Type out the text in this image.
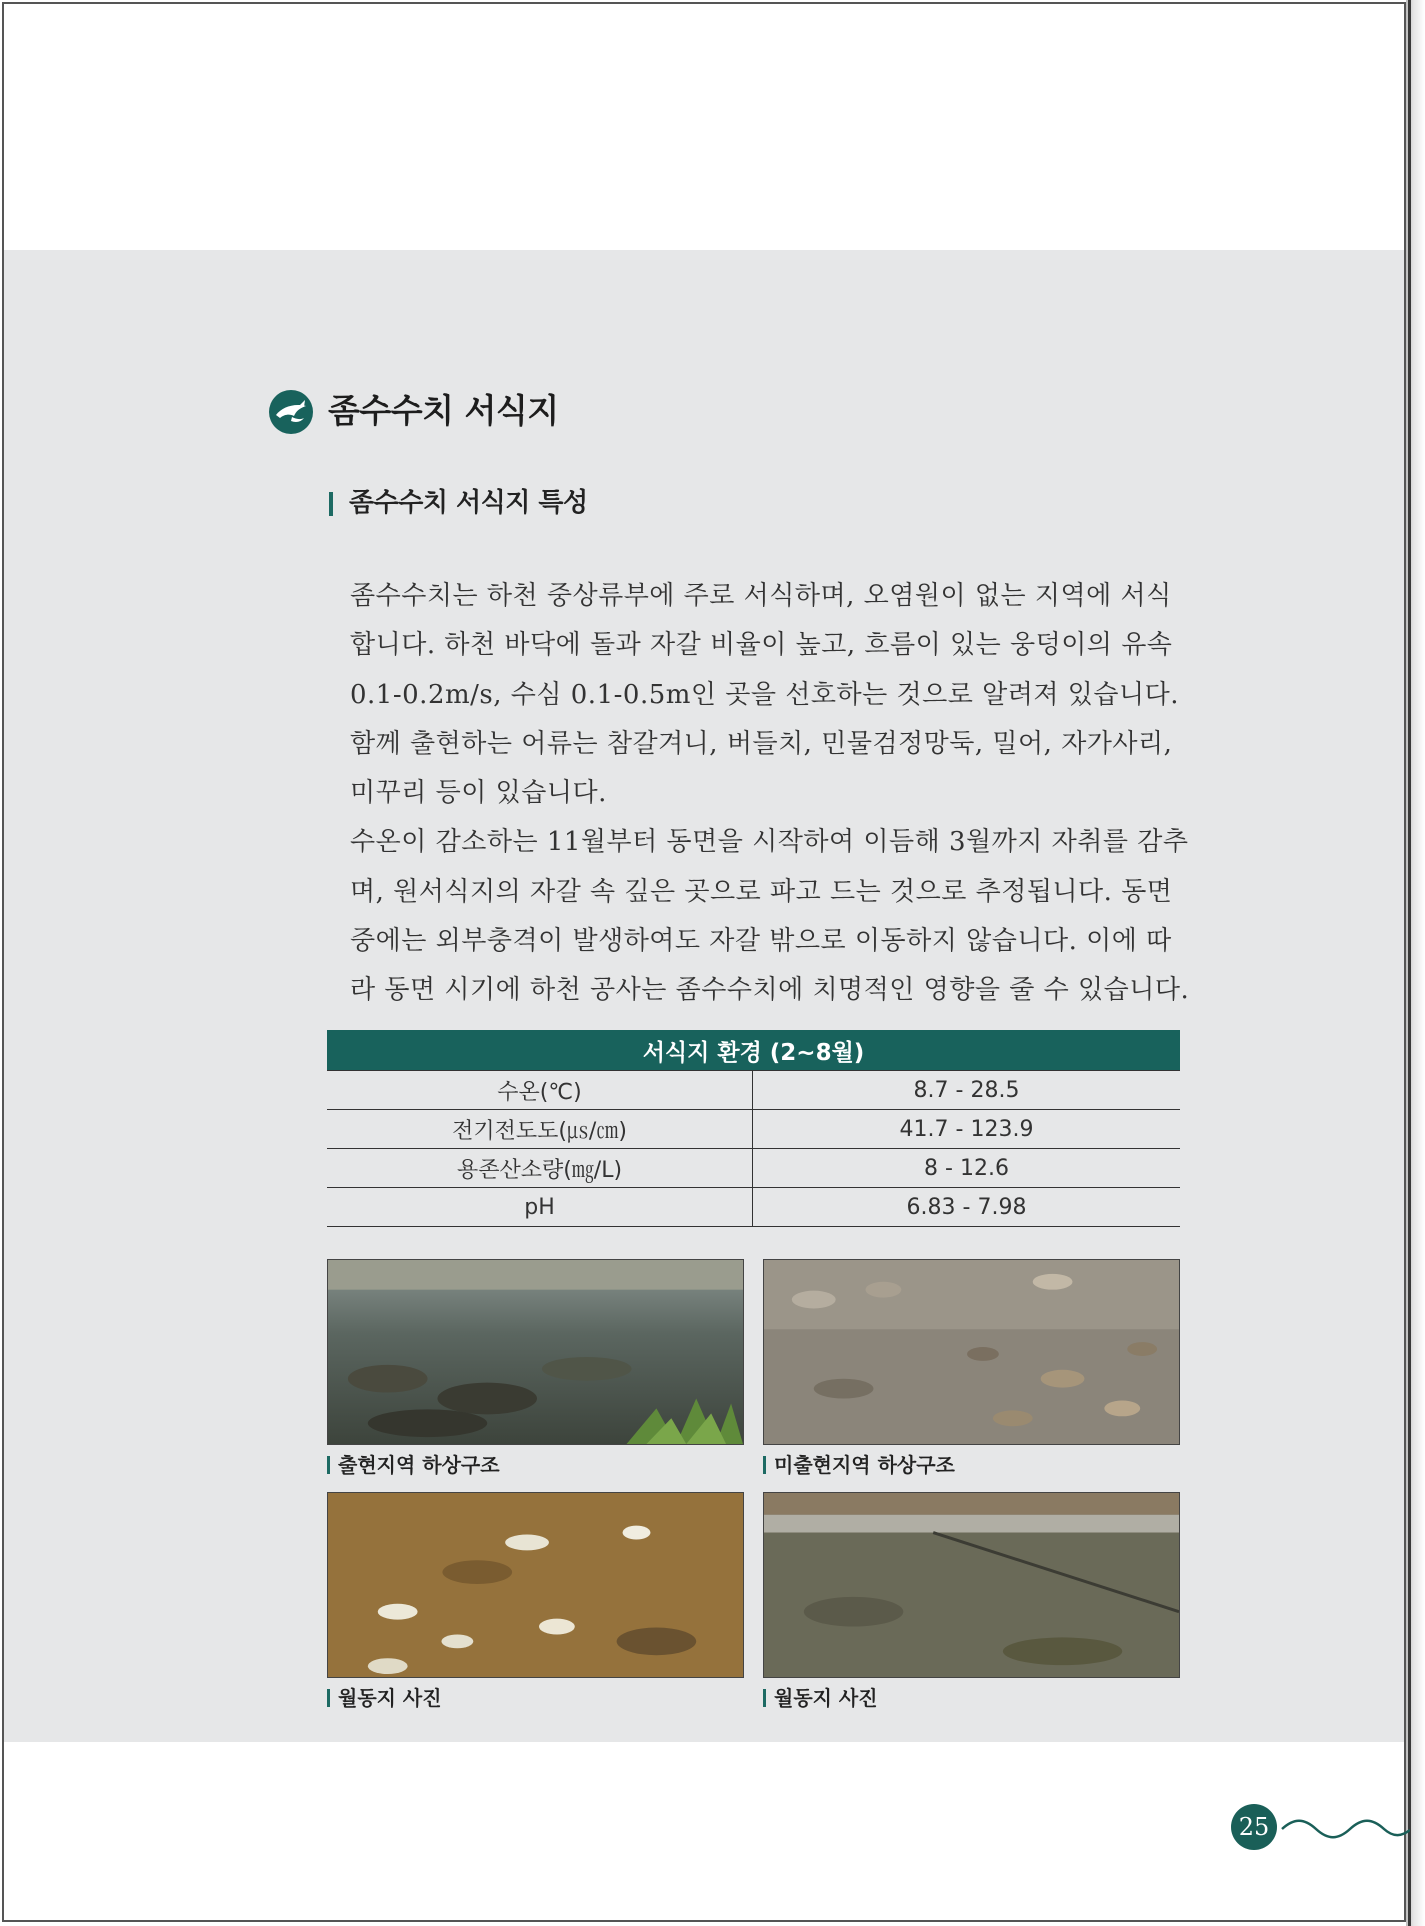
좀수수치 서식지
좀수수치 서식지 특성
좀수수치는 하천 중상류부에 주로 서식하며, 오염원이 없는 지역에 서식
합니다. 하천 바닥에 돌과 자갈 비율이 높고, 흐름이 있는 웅덩이의 유속
0.1-0.2m/s, 수심 0.1-0.5m인 곳을 선호하는 것으로 알려져 있습니다.
함께 출현하는 어류는 참갈겨니, 버들치, 민물검정망둑, 밀어, 자가사리,
미꾸리 등이 있습니다.
수온이 감소하는 11월부터 동면을 시작하여 이듬해 3월까지 자취를 감추
며, 원서식지의 자갈 속 깊은 곳으로 파고 드는 것으로 추정됩니다. 동면
중에는 외부충격이 발생하여도 자갈 밖으로 이동하지 않습니다. 이에 따
라 동면 시기에 하천 공사는 좀수수치에 치명적인 영향을 줄 수 있습니다.
서식지 환경 (2~8월)	
수온(℃)	8.7 - 28.5
전기전도도(㎲/㎝)	41.7 - 123.9
용존산소량(㎎/L)	8 - 12.6
pH	6.83 - 7.98
출현지역 하상구조	미출현지역 하상구조
월동지 사진	월동지 사진
25
